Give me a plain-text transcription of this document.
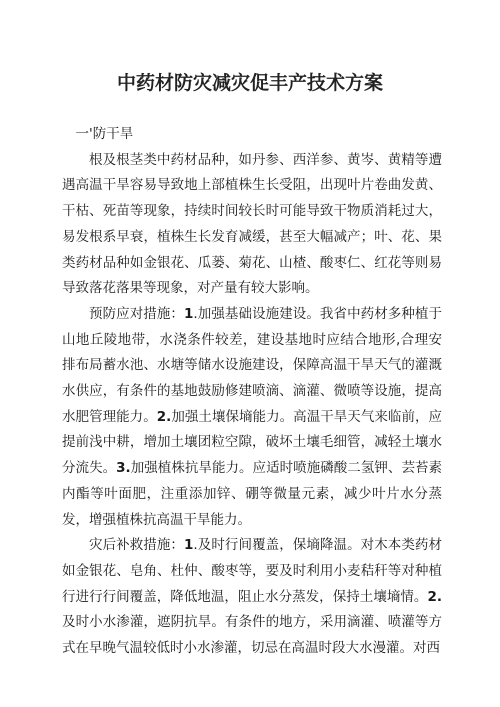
中药材防灾减灾促丰产技术方案

一'防干旱

根及根茎类中药材品种，如丹参、西洋参、黄岑、黄精等遭遇高温干旱容易导致地上部植株生长受阻，出现叶片卷曲发黄、干枯、死苗等现象，持续时间较长时可能导致干物质消耗过大，易发根系早衰，植株生长发育减缓，甚至大幅减产；叶、花、果类药材品种如金银花、瓜蒌、菊花、山楂、酸枣仁、红花等则易导致落花落果等现象，对产量有较大影响。

预防应对措施：1.加强基础设施建设。我省中药材多种植于山地丘陵地带，水浇条件较差，建设基地时应结合地形,合理安排布局蓄水池、水塘等储水设施建设，保障高温干旱天气的灌溉水供应，有条件的基地鼓励修建喷滴、滴灌、微喷等设施，提高水肥管理能力。2.加强土壤保墒能力。高温干旱天气来临前，应提前浅中耕，增加土壤团粒空隙，破坏土壤毛细管，减轻土壤水分流失。3.加强植株抗旱能力。应适时喷施磷酸二氢钾、芸苔素内酯等叶面肥，注重添加锌、硼等微量元素，减少叶片水分蒸发，增强植株抗高温干旱能力。

灾后补救措施：1.及时行间覆盖，保墒降温。对木本类药材如金银花、皂角、杜仲、酸枣等，要及时利用小麦秸秆等对种植行进行行间覆盖，降低地温，阻止水分蒸发，保持土壤墒情。2.及时小水渗灌，遮阴抗旱。有条件的地方，采用滴灌、喷灌等方式在早晚气温较低时小水渗灌，切忌在高温时段大水漫灌。对西
